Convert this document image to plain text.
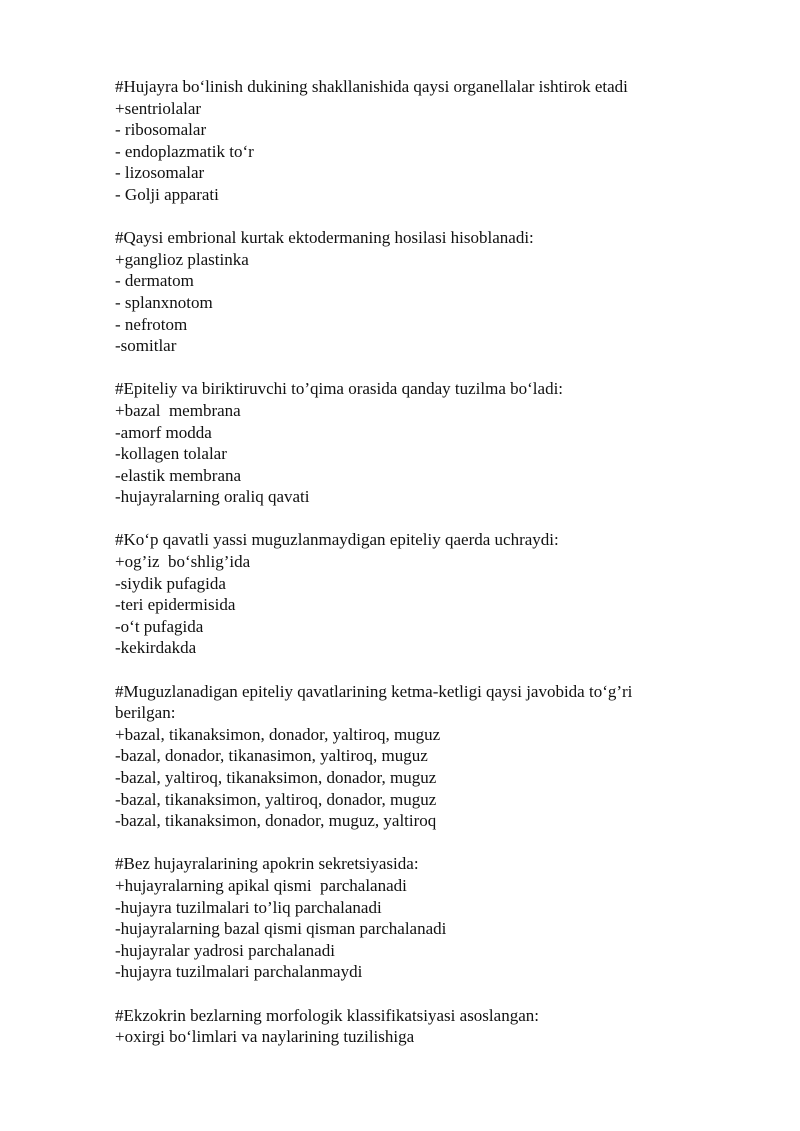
#Hujayra bo‘linish dukining shakllanishida qaysi organellalar ishtirok etadi
+sentriolalar
- ribosomalar
- endoplazmatik to‘r
- lizosomalar
- Golji apparati
#Qaysi embrional kurtak ektodermaning hosilasi hisoblanadi:
+ganglioz plastinka
- dermatom
- splanxnotom
- nefrotom
-somitlar
#Epiteliy va biriktiruvchi to’qima orasida qanday tuzilma bo‘ladi:
+bazal  membrana
-amorf modda
-kollagen tolalar
-elastik membrana
-hujayralarning oraliq qavati
#Ko‘p qavatli yassi muguzlanmaydigan epiteliy qaerda uchraydi:
+og’iz  bo‘shlig’ida
-siydik pufagida
-teri epidermisida
-o‘t pufagida
-kekirdakda
#Muguzlanadigan epiteliy qavatlarining ketma-ketligi qaysi javobida to‘g’ri
berilgan:
+bazal, tikanaksimon, donador, yaltiroq, muguz
-bazal, donador, tikanasimon, yaltiroq, muguz
-bazal, yaltiroq, tikanaksimon, donador, muguz
-bazal, tikanaksimon, yaltiroq, donador, muguz
-bazal, tikanaksimon, donador, muguz, yaltiroq
#Bez hujayralarining apokrin sekretsiyasida:
+hujayralarning apikal qismi  parchalanadi
-hujayra tuzilmalari to’liq parchalanadi
-hujayralarning bazal qismi qisman parchalanadi
-hujayralar yadrosi parchalanadi
-hujayra tuzilmalari parchalanmaydi
#Ekzokrin bezlarning morfologik klassifikatsiyasi asoslangan:
+oxirgi bo‘limlari va naylarining tuzilishiga
